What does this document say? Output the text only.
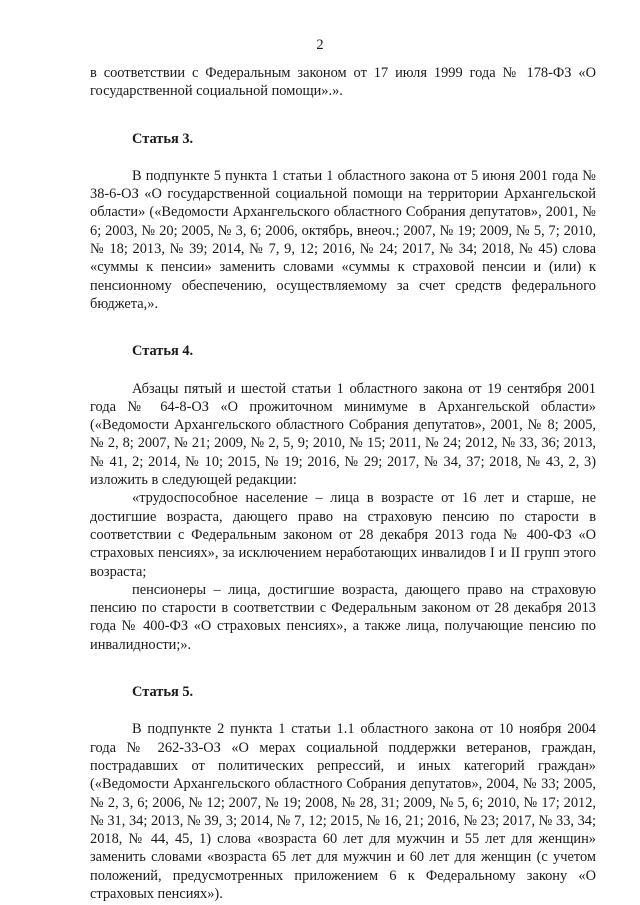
2

в соответствии с Федеральным законом от 17 июля 1999 года № 178-ФЗ «О государственной социальной помощи».».

Статья 3.

В подпункте 5 пункта 1 статьи 1 областного закона от 5 июня 2001 года № 38-6-ОЗ «О государственной социальной помощи на территории Архангельской области» («Ведомости Архангельского областного Собрания депутатов», 2001, № 6; 2003, № 20; 2005, № 3, 6; 2006, октябрь, внеоч.; 2007, № 19; 2009, № 5, 7; 2010, № 18; 2013, № 39; 2014, № 7, 9, 12; 2016, № 24; 2017, № 34; 2018, № 45) слова «суммы к пенсии» заменить словами «суммы к страховой пенсии и (или) к пенсионному обеспечению, осуществляемому за счет средств федерального бюджета,».

Статья 4.

Абзацы пятый и шестой статьи 1 областного закона от 19 сентября 2001 года № 64-8-ОЗ «О прожиточном минимуме в Архангельской области» («Ведомости Архангельского областного Собрания депутатов», 2001, № 8; 2005, № 2, 8; 2007, № 21; 2009, № 2, 5, 9; 2010, № 15; 2011, № 24; 2012, № 33, 36; 2013, № 41, 2; 2014, № 10; 2015, № 19; 2016, № 29; 2017, № 34, 37; 2018, № 43, 2, 3) изложить в следующей редакции:

«трудоспособное население – лица в возрасте от 16 лет и старше, не достигшие возраста, дающего право на страховую пенсию по старости в соответствии с Федеральным законом от 28 декабря 2013 года № 400-ФЗ «О страховых пенсиях», за исключением неработающих инвалидов I и II групп этого возраста;

пенсионеры – лица, достигшие возраста, дающего право на страховую пенсию по старости в соответствии с Федеральным законом от 28 декабря 2013 года № 400-ФЗ «О страховых пенсиях», а также лица, получающие пенсию по инвалидности;».

Статья 5.

В подпункте 2 пункта 1 статьи 1.1 областного закона от 10 ноября 2004 года № 262-33-ОЗ «О мерах социальной поддержки ветеранов, граждан, пострадавших от политических репрессий, и иных категорий граждан» («Ведомости Архангельского областного Собрания депутатов», 2004, № 33; 2005, № 2, 3, 6; 2006, № 12; 2007, № 19; 2008, № 28, 31; 2009, № 5, 6; 2010, № 17; 2012, № 31, 34; 2013, № 39, 3; 2014, № 7, 12; 2015, № 16, 21; 2016, № 23; 2017, № 33, 34; 2018, № 44, 45, 1) слова «возраста 60 лет для мужчин и 55 лет для женщин» заменить словами «возраста 65 лет для мужчин и 60 лет для женщин (с учетом положений, предусмотренных приложением 6 к Федеральному закону «О страховых пенсиях»).
